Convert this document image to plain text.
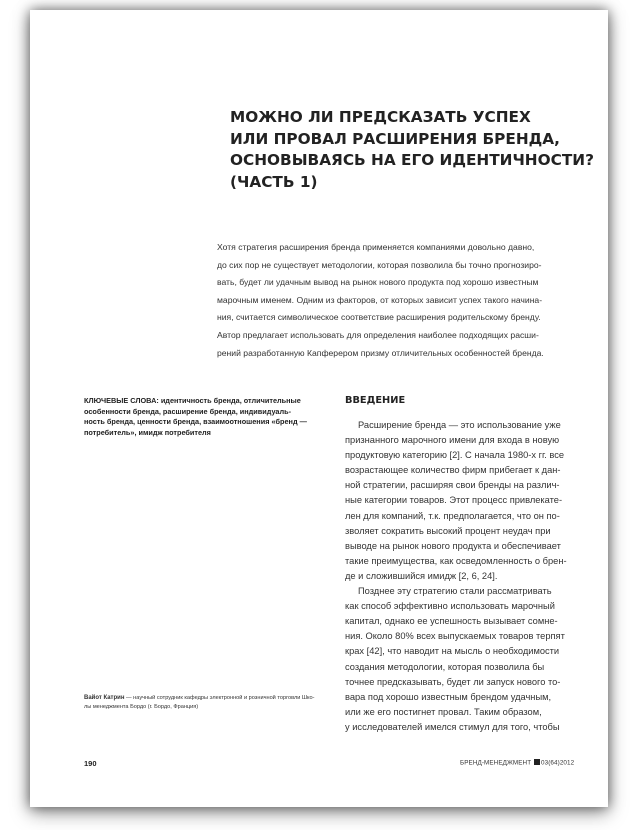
МОЖНО ЛИ ПРЕДСКАЗАТЬ УСПЕХ
ИЛИ ПРОВАЛ РАСШИРЕНИЯ БРЕНДА,
ОСНОВЫВАЯСЬ НА ЕГО ИДЕНТИЧНОСТИ?
(ЧАСТЬ 1)
Хотя стратегия расширения бренда применяется компаниями довольно давно,
до сих пор не существует методологии, которая позволила бы точно прогнозиро-
вать, будет ли удачным вывод на рынок нового продукта под хорошо известным
марочным именем. Одним из факторов, от которых зависит успех такого начина-
ния, считается символическое соответствие расширения родительскому бренду.
Автор предлагает использовать для определения наиболее подходящих расши-
рений разработанную Капферером призму отличительных особенностей бренда.
КЛЮЧЕВЫЕ СЛОВА: идентичность бренда, отличительные
особенности бренда, расширение бренда, индивидуаль-
ность бренда, ценности бренда, взаимоотношения «бренд —
потребитель», имидж потребителя
ВВЕДЕНИЕ
Расширение бренда — это использование уже
признанного марочного имени для входа в новую
продуктовую категорию [2]. С начала 1980-х гг. все
возрастающее количество фирм прибегает к дан-
ной стратегии, расширяя свои бренды на различ-
ные категории товаров. Этот процесс привлекате-
лен для компаний, т.к. предполагается, что он по-
зволяет сократить высокий процент неудач при
выводе на рынок нового продукта и обеспечивает
такие преимущества, как осведомленность о брен-
де и сложившийся имидж [2, 6, 24].
Позднее эту стратегию стали рассматривать
как способ эффективно использовать марочный
капитал, однако ее успешность вызывает сомне-
ния. Около 80% всех выпускаемых товаров терпят
крах [42], что наводит на мысль о необходимости
создания методологии, которая позволила бы
точнее предсказывать, будет ли запуск нового то-
вара под хорошо известным брендом удачным,
или же его постигнет провал. Таким образом,
у исследователей имелся стимул для того, чтобы
Вайот Катрин — научный сотрудник кафедры электронной и розничной торговли Шко-
лы менеджмента Бордо (г. Бордо, Франция)
190	БРЕНД-МЕНЕДЖМЕНТ 03(64)2012
